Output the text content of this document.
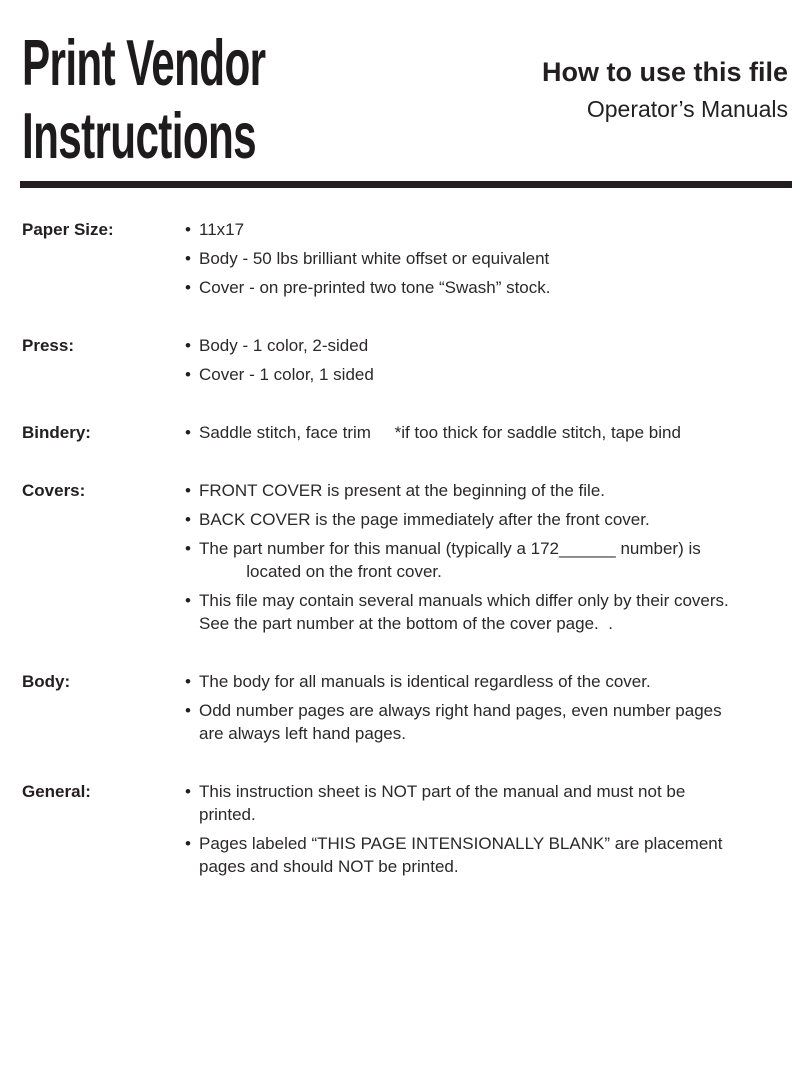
Print Vendor
Instructions
How to use this file
Operator’s Manuals
Paper Size:	• 11x17
• Body - 50 lbs brilliant white offset or equivalent
• Cover - on pre-printed two tone “Swash” stock.
Press:	• Body - 1 color, 2-sided
• Cover - 1 color, 1 sided
Bindery:	• Saddle stitch, face trim     *if too thick for saddle stitch, tape bind
Covers:	• FRONT COVER is present at the beginning of the file.
• BACK COVER is the page immediately after the front cover.
• The part number for this manual (typically a 172______ number) is
located on the front cover.
• This file may contain several manuals which differ only by their covers.
See the part number at the bottom of the cover page.  .
Body:	• The body for all manuals is identical regardless of the cover.
• Odd number pages are always right hand pages, even number pages
are always left hand pages.
General:	• This instruction sheet is NOT part of the manual and must not be
printed.
• Pages labeled “THIS PAGE INTENSIONALLY BLANK” are placement
pages and should NOT be printed.
